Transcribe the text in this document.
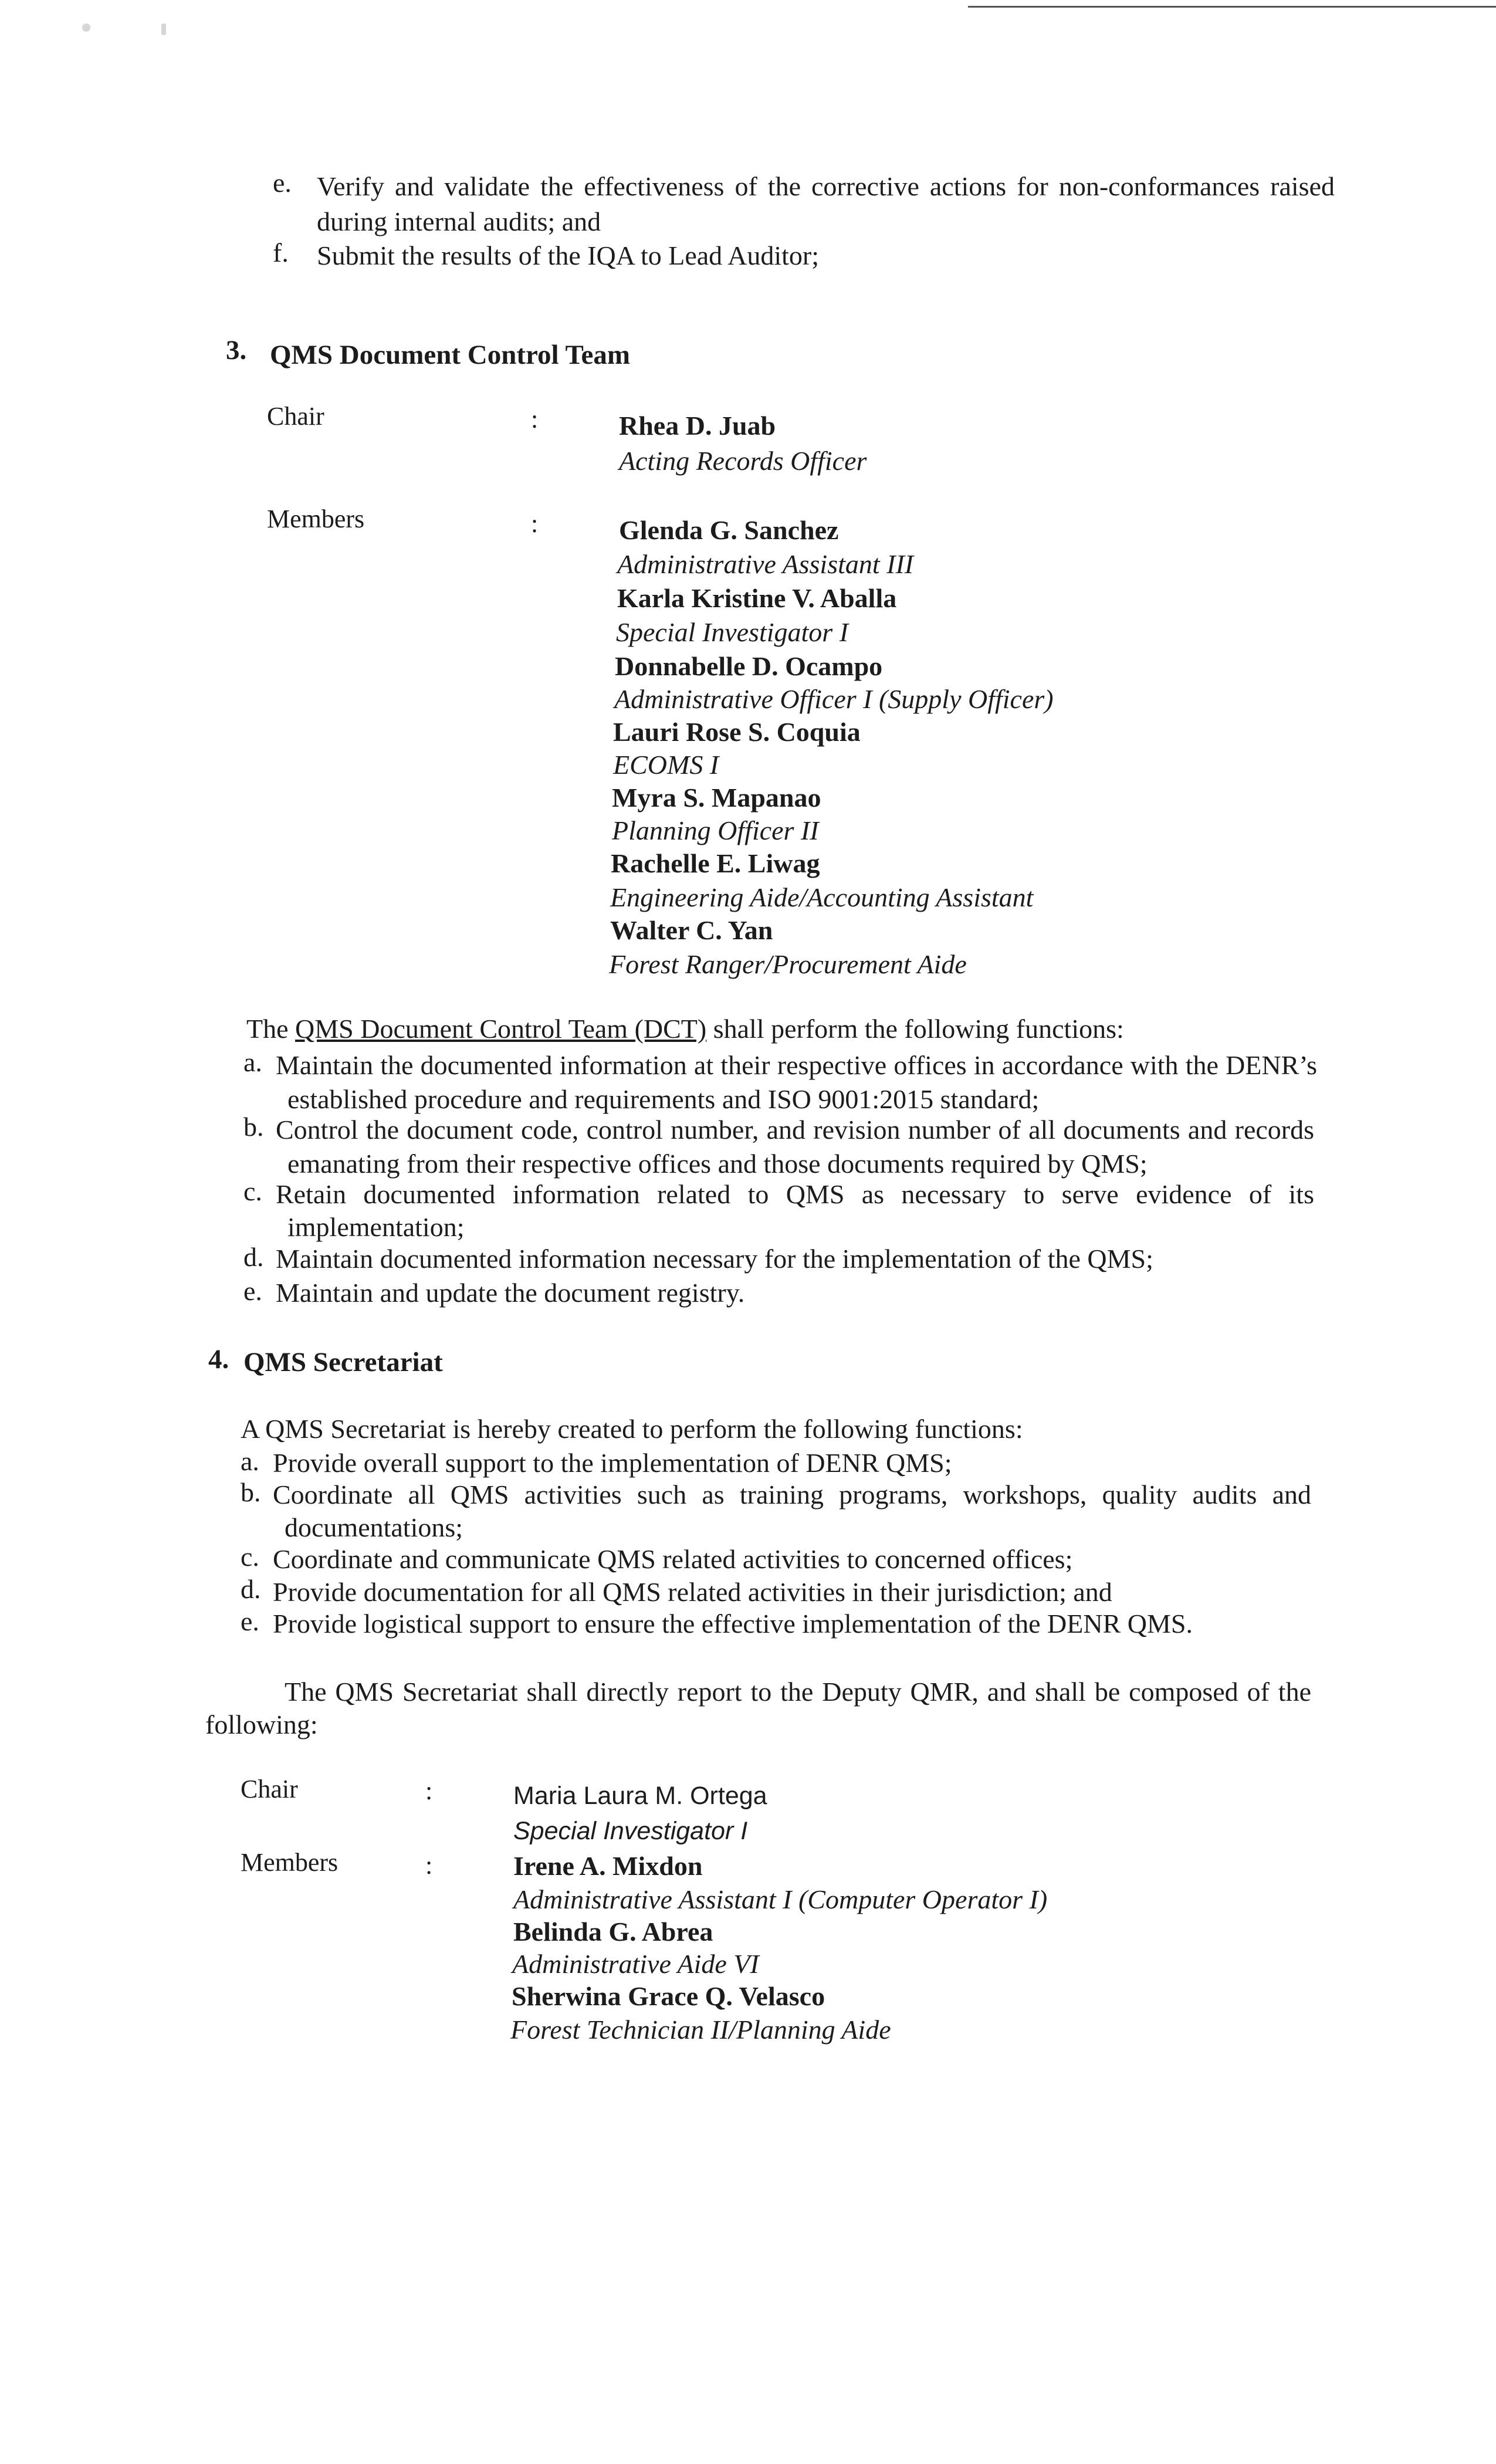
e. Verify and validate the effectiveness of the corrective actions for non-conformances raised

during internal audits; and

f. Submit the results of the IQA to Lead Auditor;

3. QMS Document Control Team

Chair	:	Rhea D. Juab

Acting Records Officer

Members	:	Glenda G. Sanchez

Administrative Assistant III

Karla Kristine V. Aballa

Special Investigator I

Donnabelle D. Ocampo

Administrative Officer I (Supply Officer)

Lauri Rose S. Coquia

ECOMS I

Myra S. Mapanao

Planning Officer II

Rachelle E. Liwag

Engineering Aide/Accounting Assistant

Walter C. Yan

Forest Ranger/Procurement Aide

The QMS Document Control Team (DCT) shall perform the following functions:

a. Maintain the documented information at their respective offices in accordance with the DENR’s

established procedure and requirements and ISO 9001:2015 standard;

b. Control the document code, control number, and revision number of all documents and records

emanating from their respective offices and those documents required by QMS;

c. Retain documented information related to QMS as necessary to serve evidence of its

implementation;

d. Maintain documented information necessary for the implementation of the QMS;

e. Maintain and update the document registry.

4. QMS Secretariat

A QMS Secretariat is hereby created to perform the following functions:

a. Provide overall support to the implementation of DENR QMS;

b. Coordinate all QMS activities such as training programs, workshops, quality audits and

documentations;

c. Coordinate and communicate QMS related activities to concerned offices;

d. Provide documentation for all QMS related activities in their jurisdiction; and

e. Provide logistical support to ensure the effective implementation of the DENR QMS.

The QMS Secretariat shall directly report to the Deputy QMR, and shall be composed of the

following:

Chair	:	Maria Laura M. Ortega

Special Investigator I

Members	:	Irene A. Mixdon

Administrative Assistant I (Computer Operator I)

Belinda G. Abrea

Administrative Aide VI

Sherwina Grace Q. Velasco

Forest Technician II/Planning Aide
